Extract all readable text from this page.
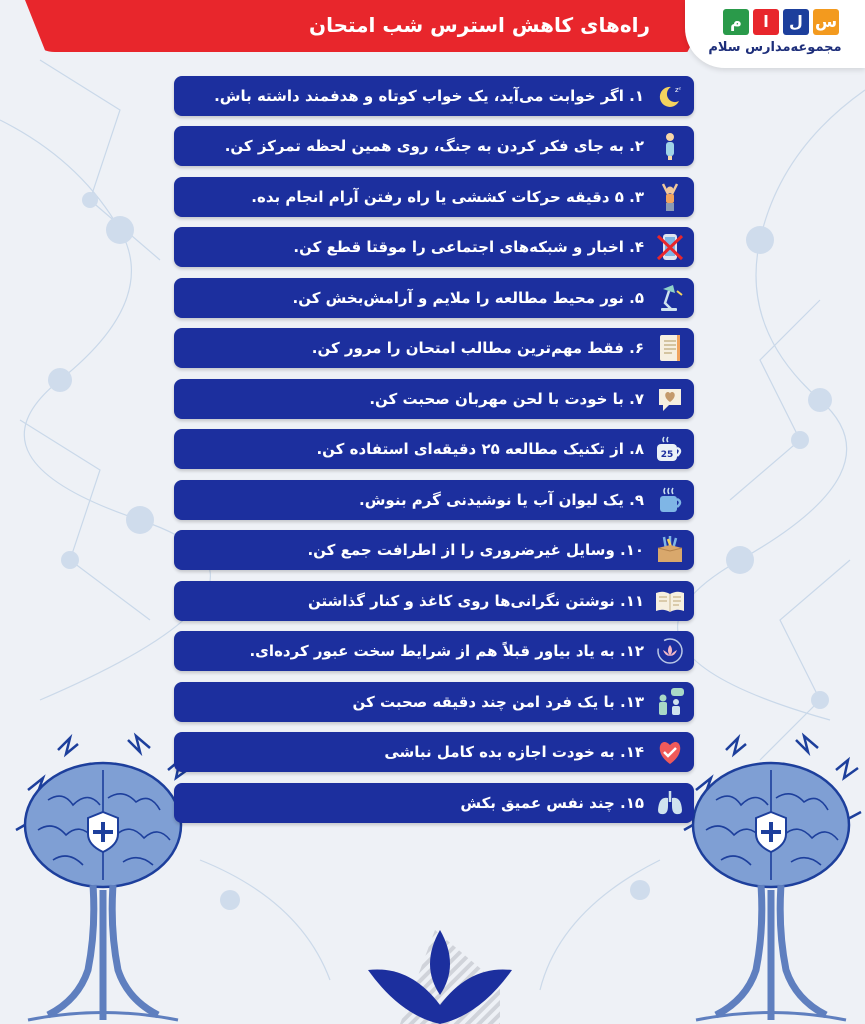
راه‌های کاهش استرس شب امتحان	م	ا	ل س
مجموعه‌مدارس سلام
zᶻ
۱. اگر خوابت می‌آید، یک خواب کوتاه و هدفمند داشته باش.
۲. به جای فکر کردن به جنگ، روی همین لحظه تمرکز کن.
۳. ۵ دقیقه حرکات کششی یا راه رفتن آرام انجام بده.
۴. اخبار و شبکه‌های اجتماعی را موقتا قطع کن.
۵. نور محیط مطالعه را ملایم و آرامش‌بخش کن.
۶. فقط مهم‌ترین مطالب امتحان را مرور کن.
۷. با خودت با لحن مهربان صحبت کن.
25
۸. از تکنیک مطالعه ۲۵ دقیقه‌ای استفاده کن.
۹. یک لیوان آب یا نوشیدنی گرم بنوش.
۱۰. وسایل غیرضروری را از اطرافت جمع کن.
۱۱. نوشتن نگرانی‌ها روی کاغذ و کنار گذاشتن
۱۲. به یاد بیاور قبلاً هم از شرایط سخت عبور کرده‌ای.
۱۳. با یک فرد امن چند دقیقه صحبت کن
۱۴. به خودت اجازه بده کامل نباشی
۱۵. چند نفس عمیق بکش
